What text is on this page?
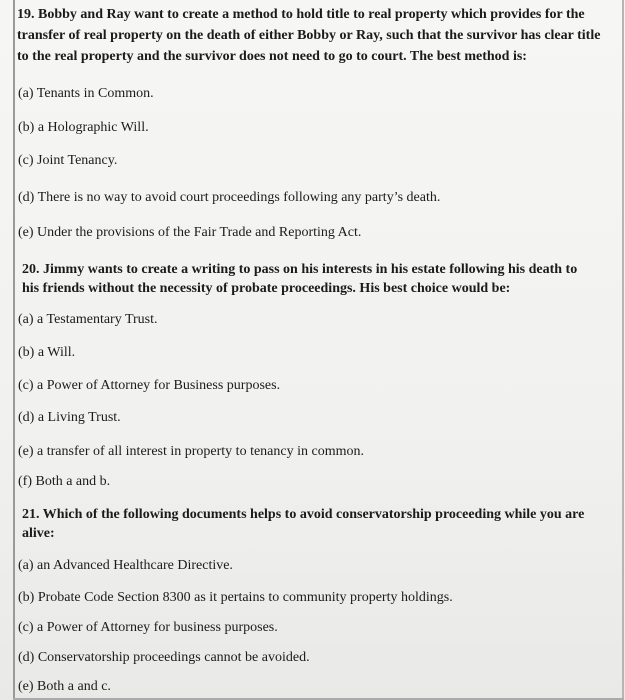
19. Bobby and Ray want to create a method to hold title to real property which provides for the
transfer of real property on the death of either Bobby or Ray, such that the survivor has clear title
to the real property and the survivor does not need to go to court. The best method is:
(a) Tenants in Common.
(b) a Holographic Will.
(c) Joint Tenancy.
(d) There is no way to avoid court proceedings following any party’s death.
(e) Under the provisions of the Fair Trade and Reporting Act.
20. Jimmy wants to create a writing to pass on his interests in his estate following his death to
his friends without the necessity of probate proceedings. His best choice would be:
(a) a Testamentary Trust.
(b) a Will.
(c) a Power of Attorney for Business purposes.
(d) a Living Trust.
(e) a transfer of all interest in property to tenancy in common.
(f) Both a and b.
21. Which of the following documents helps to avoid conservatorship proceeding while you are
alive:
(a) an Advanced Healthcare Directive.
(b) Probate Code Section 8300 as it pertains to community property holdings.
(c) a Power of Attorney for business purposes.
(d) Conservatorship proceedings cannot be avoided.
(e) Both a and c.
